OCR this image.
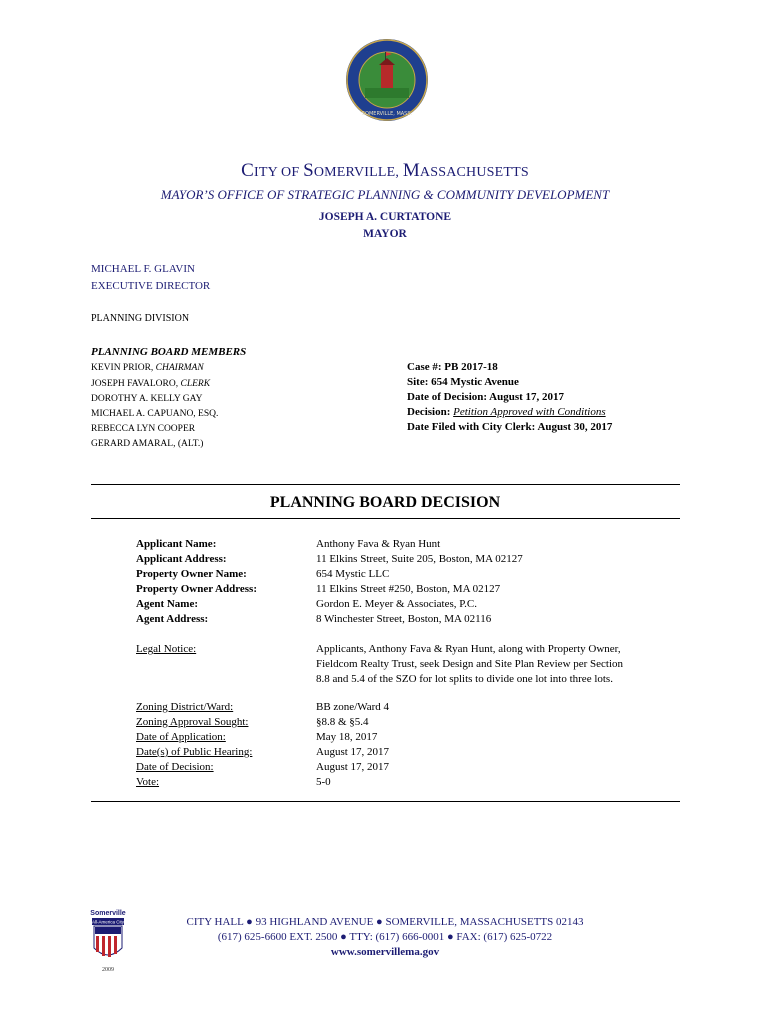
SOMERVILLE, MASS.
CITY OF SOMERVILLE, MASSACHUSETTS
MAYOR’S OFFICE OF STRATEGIC PLANNING & COMMUNITY DEVELOPMENT
JOSEPH A. CURTATONE
MAYOR
MICHAEL F. GLAVIN
EXECUTIVE DIRECTOR
PLANNING DIVISION
PLANNING BOARD MEMBERS
KEVIN PRIOR, CHAIRMAN
JOSEPH FAVALORO, CLERK
DOROTHY A. KELLY GAY
MICHAEL A. CAPUANO, ESQ.
REBECCA LYN COOPER
GERARD AMARAL, (ALT.)
Case #: PB 2017-18
Site: 654 Mystic Avenue
Date of Decision: August 17, 2017
Decision: Petition Approved with Conditions
Date Filed with City Clerk: August 30, 2017
PLANNING BOARD DECISION
Applicant Name:
Applicant Address:
Property Owner Name:
Property Owner Address:
Agent Name:
Agent Address:
Anthony Fava & Ryan Hunt
11 Elkins Street, Suite 205, Boston, MA 02127
654 Mystic LLC
11 Elkins Street #250, Boston, MA 02127
Gordon E. Meyer & Associates, P.C.
8 Winchester Street, Boston, MA 02116
Legal Notice:	Applicants, Anthony Fava & Ryan Hunt, along with Property Owner,
Fieldcom Realty Trust, seek Design and Site Plan Review per Section
8.8 and 5.4 of the SZO for lot splits to divide one lot into three lots.
Zoning District/Ward:
Zoning Approval Sought:
Date of Application:
Date(s) of Public Hearing:
Date of Decision:
Vote:
BB zone/Ward 4
§8.8 & §5.4
May 18, 2017
August 17, 2017
August 17, 2017
5-0
Somerville
All-America City
2009
CITY HALL ● 93 HIGHLAND AVENUE ● SOMERVILLE, MASSACHUSETTS 02143
(617) 625-6600 EXT. 2500 ● TTY: (617) 666-0001 ● FAX: (617) 625-0722
www.somervillema.gov
